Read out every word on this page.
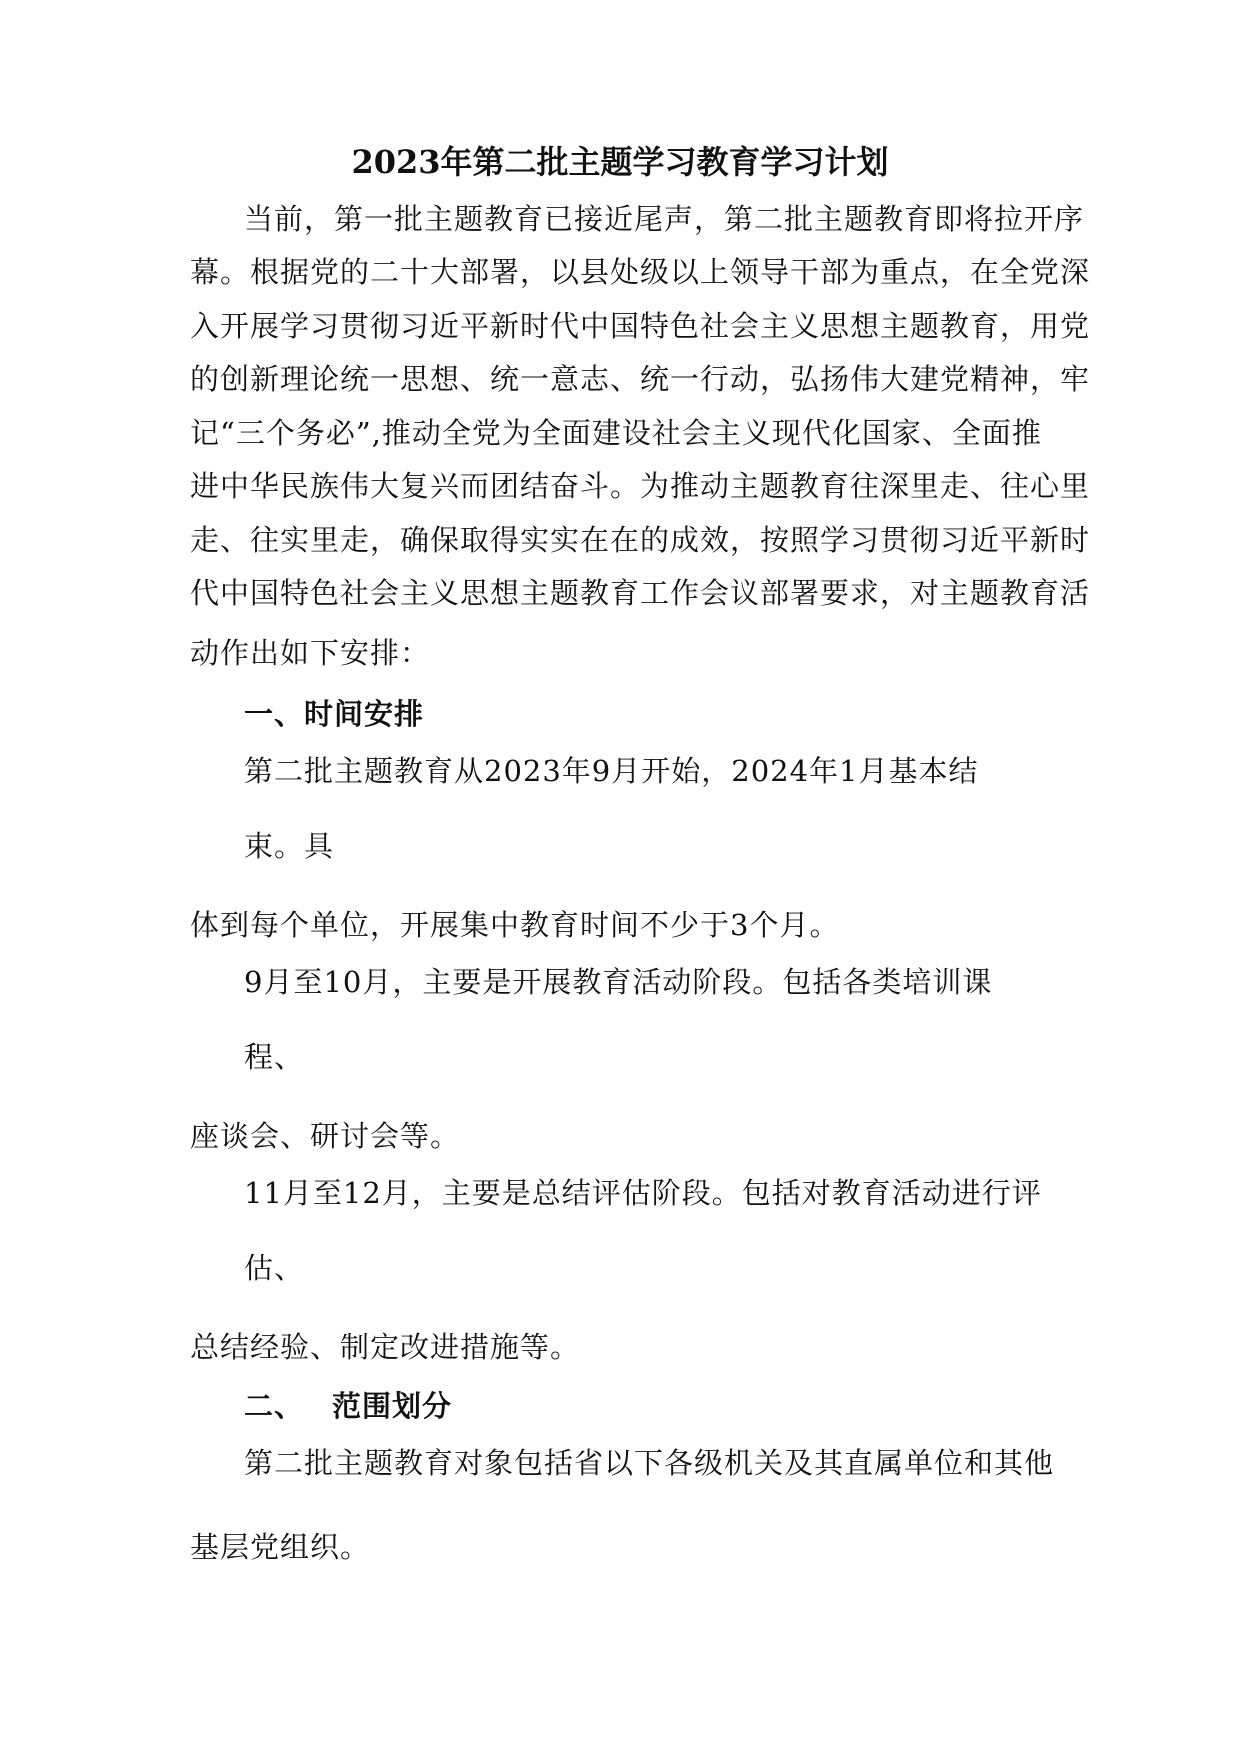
2023年第二批主题学习教育学习计划
当前，第一批主题教育已接近尾声，第二批主题教育即将拉开序
幕。根据党的二十大部署，以县处级以上领导干部为重点，在全党深
入开展学习贯彻习近平新时代中国特色社会主义思想主题教育，用党
的创新理论统一思想、统一意志、统一行动，弘扬伟大建党精神，牢
记“三个务必”,推动全党为全面建设社会主义现代化国家、全面推
进中华民族伟大复兴而团结奋斗。为推动主题教育往深里走、往心里
走、往实里走，确保取得实实在在的成效，按照学习贯彻习近平新时
代中国特色社会主义思想主题教育工作会议部署要求，对主题教育活
动作出如下安排：
一、时间安排
第二批主题教育从2023年9月开始，2024年1月基本结
束。具
体到每个单位，开展集中教育时间不少于3个月。
9月至10月，主要是开展教育活动阶段。包括各类培训课
程、
座谈会、研讨会等。
11月至12月，主要是总结评估阶段。包括对教育活动进行评
估、
总结经验、制定改进措施等。
二、 范围划分
第二批主题教育对象包括省以下各级机关及其直属单位和其他
基层党组织。
